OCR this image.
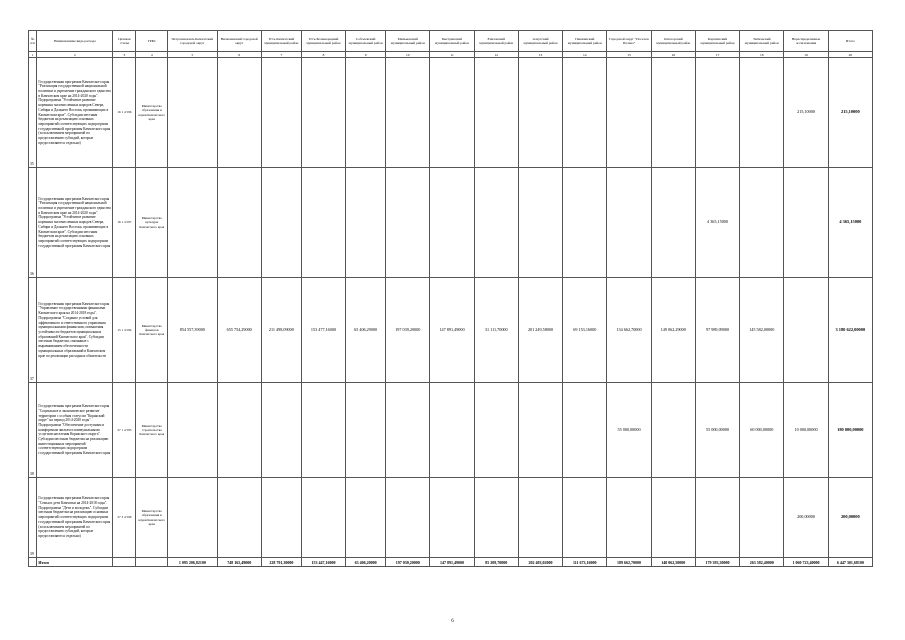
№ п/п	Наименование вида расхода	Целевая статья	ГРБС	Петропавловск-Камчатский городской округ	Вилючинский городской округ	Усть-Камчатский муниципальный район	Усть-Большерецкий муниципальный район	Соболевский муниципальный район	Мильковский муниципальный район	Быстринский муниципальный район	Елизовский муниципальный район	Алеутский муниципальный район	Пенжинский муниципальный район	Городской округ "Поселок Палана"	Олюторский муниципальный район	Карагинский муниципальный район	Тигильский муниципальный район	Нераспределенные ассигнования	Итого
1	2	3	4	5	6	7	8	9	10	11	12	13	14	15	16	17	18	19	20
35	Государственная программа Камчатского края "Реализация государственной национальной политики и укрепление гражданского единства в Камчатском крае на 2014-2020 годы". Подпрограмма "Устойчивое развитие коренных малочисленных народов Севера, Сибири и Дальнего Востока, проживающих в Камчатском крае". Субсидии местным бюджетам на реализацию основных мероприятий соответствующих подпрограмм государственной программы Камчатского края (за исключением мероприятий по предоставлению субсидий, которые предоставляются отдельно)	16 1 4 596	Министерство образования и науки Камчатского края															215,10000	215,10000
36	Государственная программа Камчатского края "Реализация государственной национальной политики и укрепление гражданского единства в Камчатском крае на 2014-2020 годы". Подпрограмма "Устойчивое развитие коренных малочисленных народов Севера, Сибири и Дальнего Востока, проживающих в Камчатском крае". Субсидии местным бюджетам на реализацию основных мероприятий соответствующих подпрограмм государственной программы Камчатского края	16 1 4 597	Министерство культуры Камчатского края													4 365,15000			4 365,15000
37	Государственная программа Камчатского края "Управление государственными финансами Камчатского края на 2014-2018 годы". Подпрограмма "Создание условий для эффективного и ответственного управления муниципальными финансами, повышения устойчивости бюджетов муниципальных образований Камчатского края". Субсидии местным бюджетам, связанные с выравниванием обеспеченности муниципальных образований в Камчатском крае по реализации расходных обязательств	15 1 4 594	Министерство финансов Камчатского края	854 557,39000	655 754,29000	211 498,09000	153 477,16000	65 406,29000	197 039,20000	147 891,49000	31 111,70000	201 249,58000	69 153,16000	134 662,70000	149 062,29000	97 989,09000	145 582,00000		3 180 622,00000
38	Государственная программа Камчатского края "Социальное и экономическое развитие территории с особым статусом "Корякский округ" на период 2014-2020 годы". Подпрограмма "Обеспечение доступным и комфортным жильем и коммунальными услугами населения Корякского округа". Субсидии местным бюджетам на реализацию инвестиционных мероприятий соответствующих подпрограмм государственной программы Камчатского края	27 1 4 593	Министерство строительства Камчатского края											55 000,00000		55 000,00000	60 000,00000	10 000,00000	180 000,00000
39	Государственная программа Камчатского края "Семья и дети Камчатки на 2014-2018 годы". Подпрограмма "Дети и молодежь". Субсидии местным бюджетам на реализацию основных мероприятий соответствующих подпрограмм государственной программы Камчатского края (за исключением мероприятий по предоставлению субсидий, которые предоставляются отдельно)	27 3 4 596	Министерство образования и науки Камчатского края															200,00000	200,00000
	Итого			1 095 206,82100	748 165,49000	228 791,30000	153 447,16000	63 406,20000	197 030,20000	147 891,49000	85 209,70000	202 403,02000	111 673,16000	189 662,70000	140 062,50000	179 393,30000	263 582,40000	1 060 723,40000	6 447 301,68100
6
